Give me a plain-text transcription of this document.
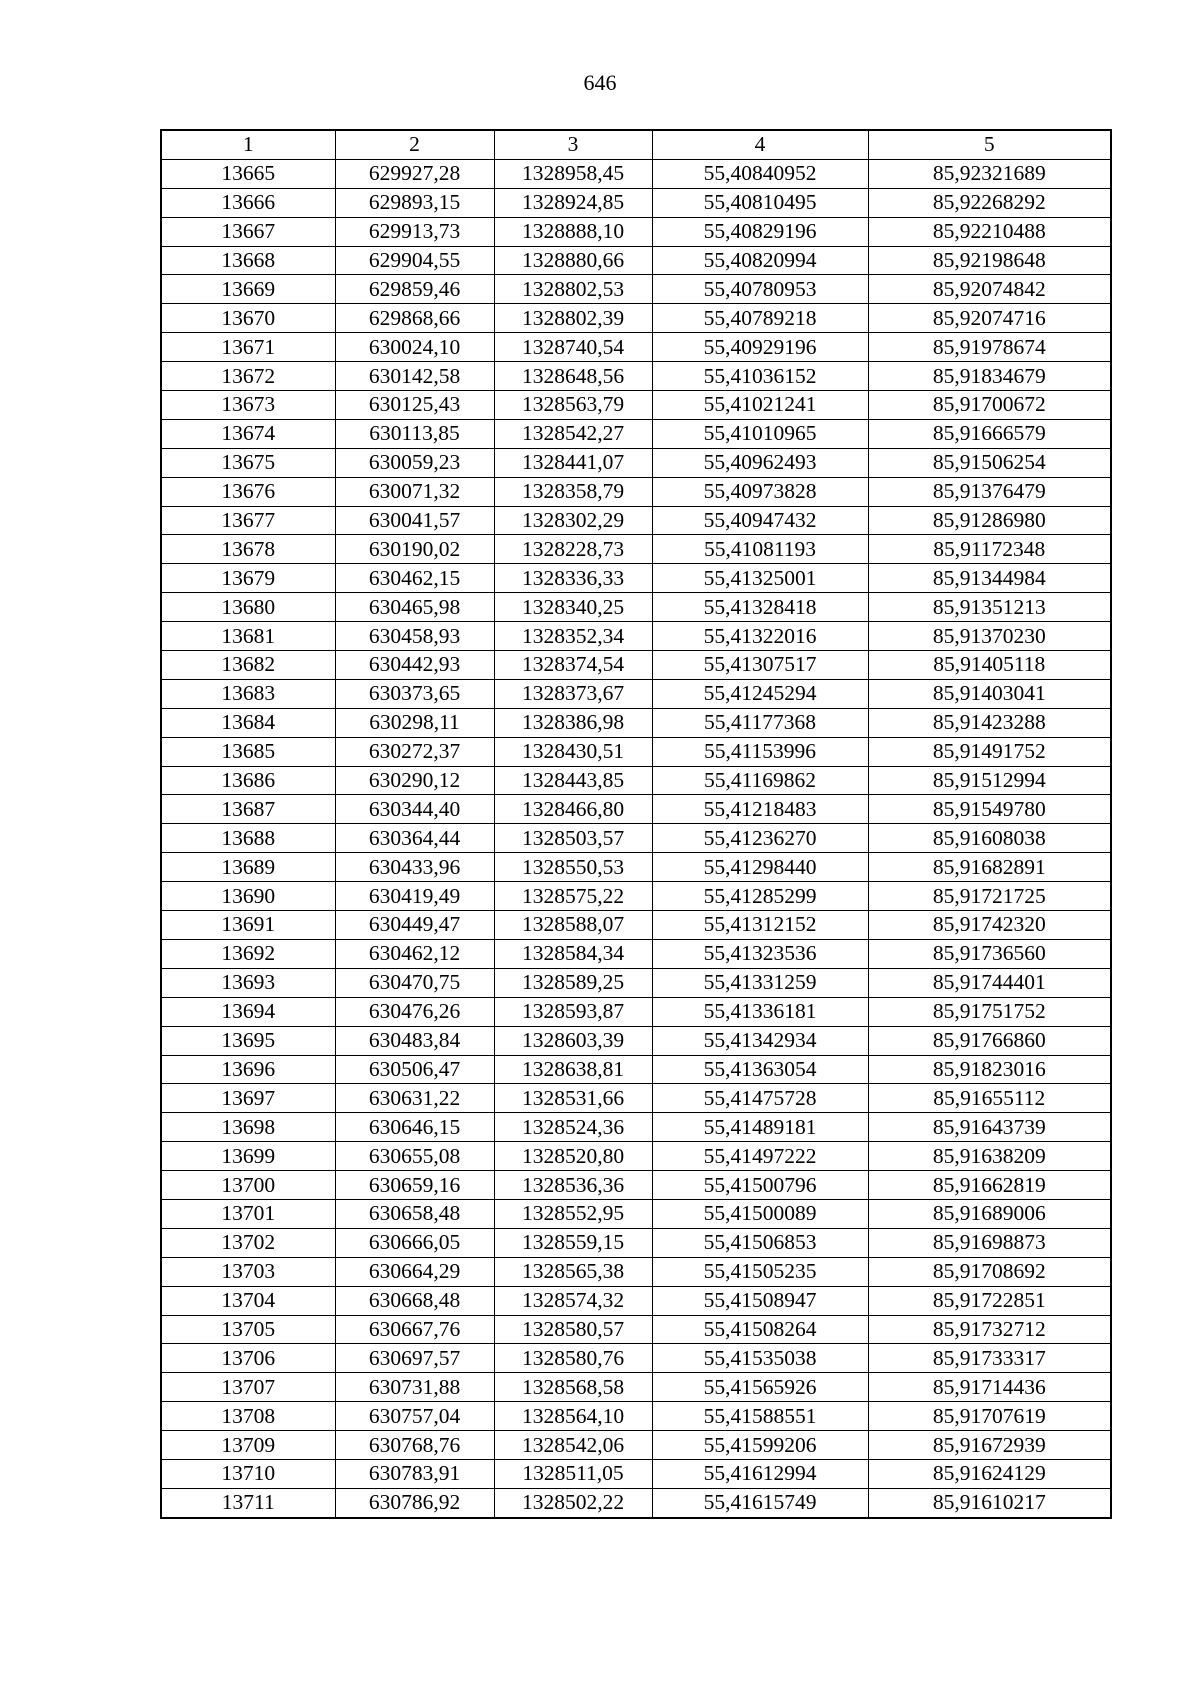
646
1	2	3	4	5
13665	629927,28	1328958,45	55,40840952	85,92321689
13666	629893,15	1328924,85	55,40810495	85,92268292
13667	629913,73	1328888,10	55,40829196	85,92210488
13668	629904,55	1328880,66	55,40820994	85,92198648
13669	629859,46	1328802,53	55,40780953	85,92074842
13670	629868,66	1328802,39	55,40789218	85,92074716
13671	630024,10	1328740,54	55,40929196	85,91978674
13672	630142,58	1328648,56	55,41036152	85,91834679
13673	630125,43	1328563,79	55,41021241	85,91700672
13674	630113,85	1328542,27	55,41010965	85,91666579
13675	630059,23	1328441,07	55,40962493	85,91506254
13676	630071,32	1328358,79	55,40973828	85,91376479
13677	630041,57	1328302,29	55,40947432	85,91286980
13678	630190,02	1328228,73	55,41081193	85,91172348
13679	630462,15	1328336,33	55,41325001	85,91344984
13680	630465,98	1328340,25	55,41328418	85,91351213
13681	630458,93	1328352,34	55,41322016	85,91370230
13682	630442,93	1328374,54	55,41307517	85,91405118
13683	630373,65	1328373,67	55,41245294	85,91403041
13684	630298,11	1328386,98	55,41177368	85,91423288
13685	630272,37	1328430,51	55,41153996	85,91491752
13686	630290,12	1328443,85	55,41169862	85,91512994
13687	630344,40	1328466,80	55,41218483	85,91549780
13688	630364,44	1328503,57	55,41236270	85,91608038
13689	630433,96	1328550,53	55,41298440	85,91682891
13690	630419,49	1328575,22	55,41285299	85,91721725
13691	630449,47	1328588,07	55,41312152	85,91742320
13692	630462,12	1328584,34	55,41323536	85,91736560
13693	630470,75	1328589,25	55,41331259	85,91744401
13694	630476,26	1328593,87	55,41336181	85,91751752
13695	630483,84	1328603,39	55,41342934	85,91766860
13696	630506,47	1328638,81	55,41363054	85,91823016
13697	630631,22	1328531,66	55,41475728	85,91655112
13698	630646,15	1328524,36	55,41489181	85,91643739
13699	630655,08	1328520,80	55,41497222	85,91638209
13700	630659,16	1328536,36	55,41500796	85,91662819
13701	630658,48	1328552,95	55,41500089	85,91689006
13702	630666,05	1328559,15	55,41506853	85,91698873
13703	630664,29	1328565,38	55,41505235	85,91708692
13704	630668,48	1328574,32	55,41508947	85,91722851
13705	630667,76	1328580,57	55,41508264	85,91732712
13706	630697,57	1328580,76	55,41535038	85,91733317
13707	630731,88	1328568,58	55,41565926	85,91714436
13708	630757,04	1328564,10	55,41588551	85,91707619
13709	630768,76	1328542,06	55,41599206	85,91672939
13710	630783,91	1328511,05	55,41612994	85,91624129
13711	630786,92	1328502,22	55,41615749	85,91610217
